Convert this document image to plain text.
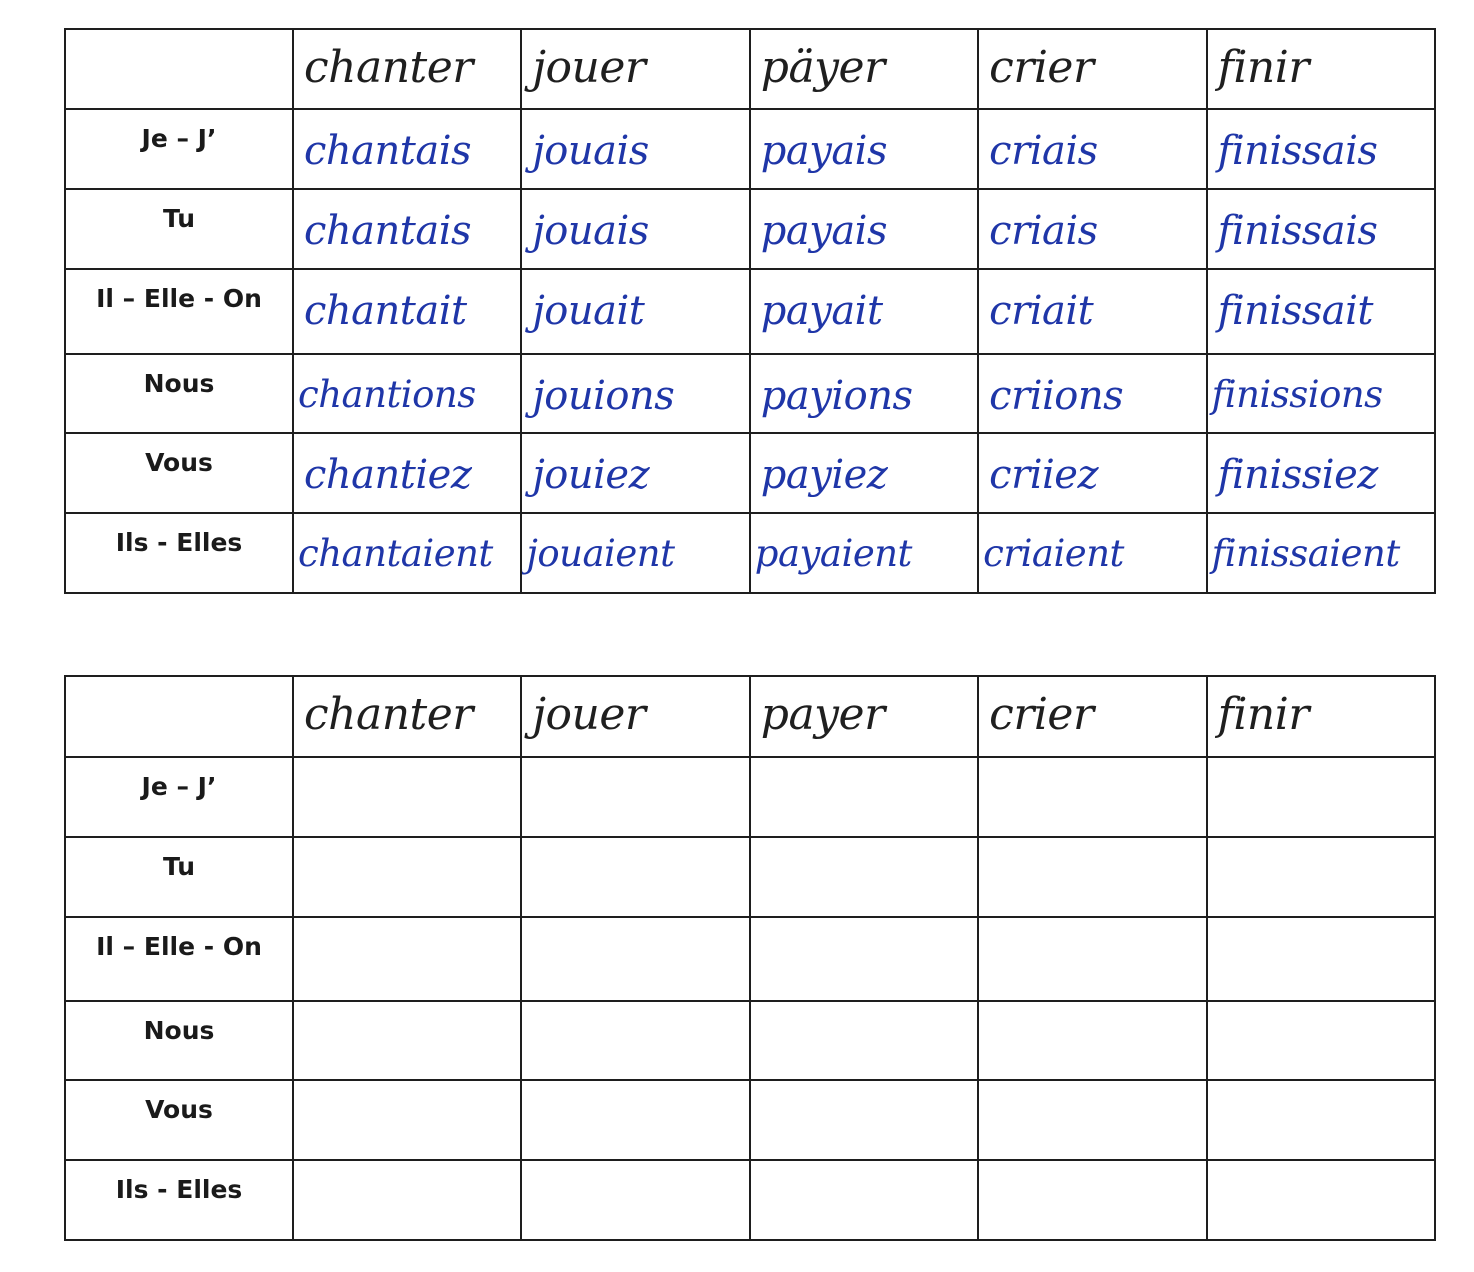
	chanter	jouer	päyer	crier	finir

Je – J’	chantais	jouais	payais	criais	finissais

Tu	chantais	jouais	payais	criais	finissais

Il – Elle - On	chantait	jouait	payait	criait	finissait

Nous	chantions	jouions	payions	criions	finissions

Vous	chantiez	jouiez	payiez	criiez	finissiez

Ils - Elles	chantaient	jouaient	payaient	criaient	finissaient

	chanter	jouer	payer	crier	finir

Je – J’					

Tu					

Il – Elle - On					

Nous					

Vous					

Ils - Elles					
